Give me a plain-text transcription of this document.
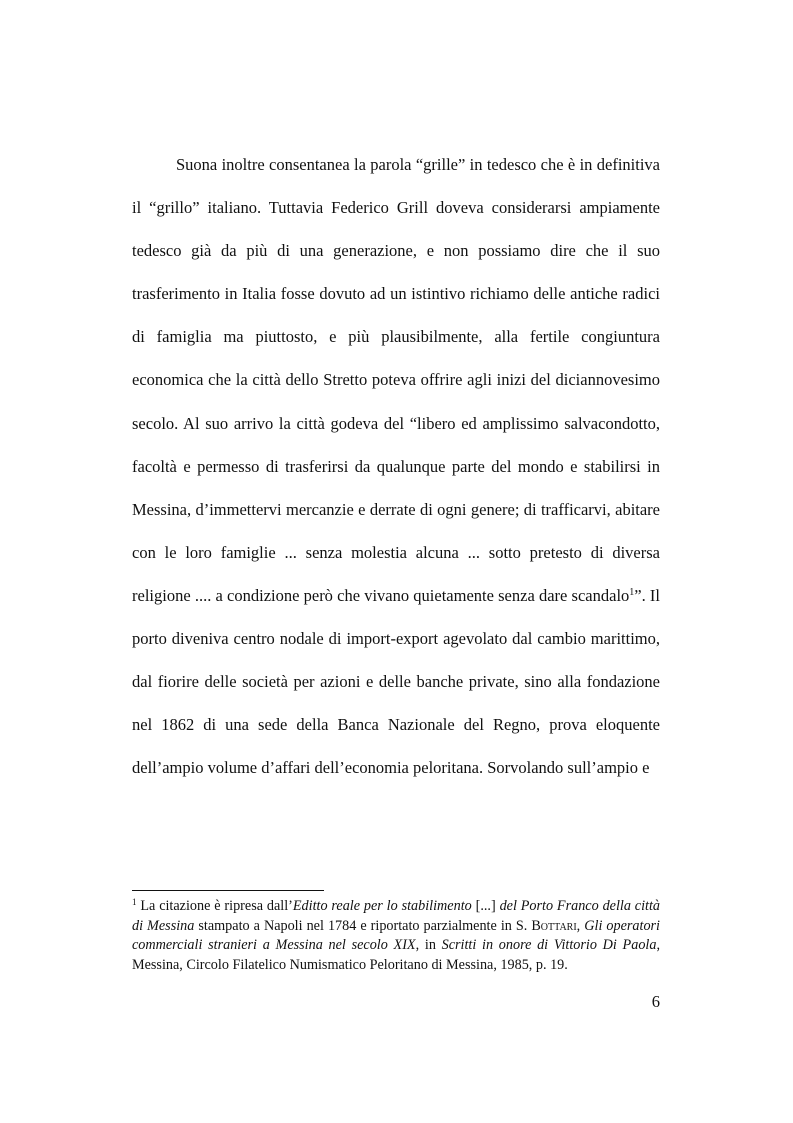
Suona inoltre consentanea la parola “grille” in tedesco che è in definitiva il “grillo” italiano. Tuttavia Federico Grill doveva considerarsi ampiamente tedesco già da più di una generazione, e non possiamo dire che il suo trasferimento in Italia fosse dovuto ad un istintivo richiamo delle antiche radici di famiglia ma piuttosto, e più plausibilmente, alla fertile congiuntura economica che la città dello Stretto poteva offrire agli inizi del diciannovesimo secolo. Al suo arrivo la città godeva del “libero ed amplissimo salvacondotto, facoltà e permesso di trasferirsi da qualunque parte del mondo e stabilirsi in Messina, d’immettervi mercanzie e derrate di ogni genere; di trafficarvi, abitare con le loro famiglie ... senza molestia alcuna ... sotto pretesto di diversa religione .... a condizione però che vivano quietamente senza dare scandalo$^1$”. Il porto diveniva centro nodale di import-export agevolato dal cambio marittimo, dal fiorire delle società per azioni e delle banche private, sino alla fondazione nel 1862 di una sede della Banca Nazionale del Regno, prova eloquente dell’ampio volume d’affari dell’economia peloritana. Sorvolando sull’ampio e

$^1$ La citazione è ripresa dall’Editto reale per lo stabilimento [...] del Porto Franco della città di Messina stampato a Napoli nel 1784 e riportato parzialmente in S. Bottari, Gli operatori commerciali stranieri a Messina nel secolo XIX, in Scritti in onore di Vittorio Di Paola, Messina, Circolo Filatelico Numismatico Peloritano di Messina, 1985, p. 19.

6
